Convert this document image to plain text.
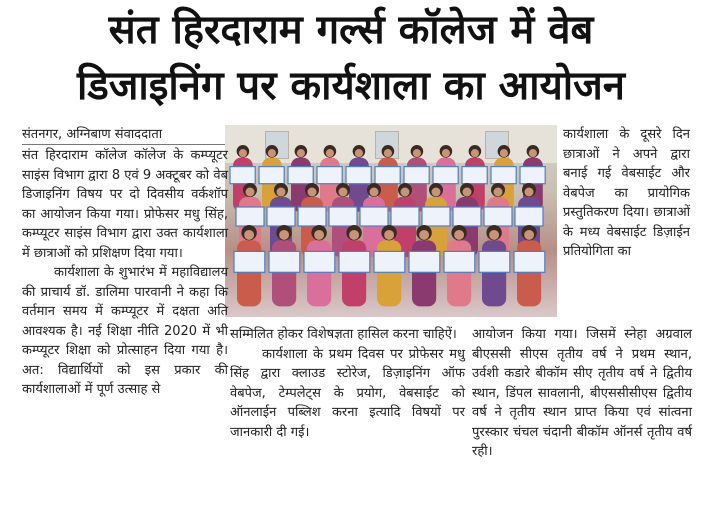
संत हिरदाराम गर्ल्स कॉलेज में वेब
डिजाइनिंग पर कार्यशाला का आयोजन
संतनगर, अग्निबाण संवाददाता

संत हिरदाराम कॉलेज कॉलेज के कम्प्यूटर साइंस विभाग द्वारा 8 एवं 9 अक्टूबर को वेब डिजाइनिंग विषय पर दो दिवसीय वर्कशॉप का आयोजन किया गया। प्रोफेसर मधु सिंह, कम्प्यूटर साइंस विभाग द्वारा उक्त कार्यशाला में छात्राओं को प्रशिक्षण दिया गया।

कार्यशाला के शुभारंभ में महाविद्यालय की प्राचार्य डॉ. डालिमा पारवानी ने कहा कि वर्तमान समय में कम्प्यूटर में दक्षता अति आवश्यक है। नई शिक्षा नीति 2020 में भी कम्प्यूटर शिक्षा को प्रोत्साहन दिया गया है। अत: विद्यार्थियों को इस प्रकार की कार्यशालाओं में पूर्ण उत्साह से

कार्यशाला के दूसरे दिन छात्राओं ने अपने द्वारा बनाई गई वेबसाईट और वेबपेज का प्रायोगिक प्रस्तुतिकरण दिया। छात्राओं के मध्य वेबसाईट डिज़ाईन प्रतियोगिता का

सम्मिलित होकर विशेषज्ञता हासिल करना चाहिऐं।

कार्यशाला के प्रथम दिवस पर प्रोफेसर मधु सिंह द्वारा क्लाउड स्टोरेज, डिज़ाइनिंग ऑफ वेबपेज, टेम्पलेट्स के प्रयोग, वेबसाईट को ऑनलाईन पब्लिश करना इत्यादि विषयों पर जानकारी दी गई।

आयोजन किया गया। जिसमें स्नेहा अग्रवाल बीएससी सीएस तृतीय वर्ष ने प्रथम स्थान, उर्वशी कडारे बीकॉम सीए तृतीय वर्ष ने द्वितीय स्थान, डिंपल सावलानी, बीएससीसीएस द्वितीय वर्ष ने तृतीय स्थान प्राप्त किया एवं सांत्वना पुरस्कार चंचल चंदानी बीकॉम ऑनर्स तृतीय वर्ष रही।
